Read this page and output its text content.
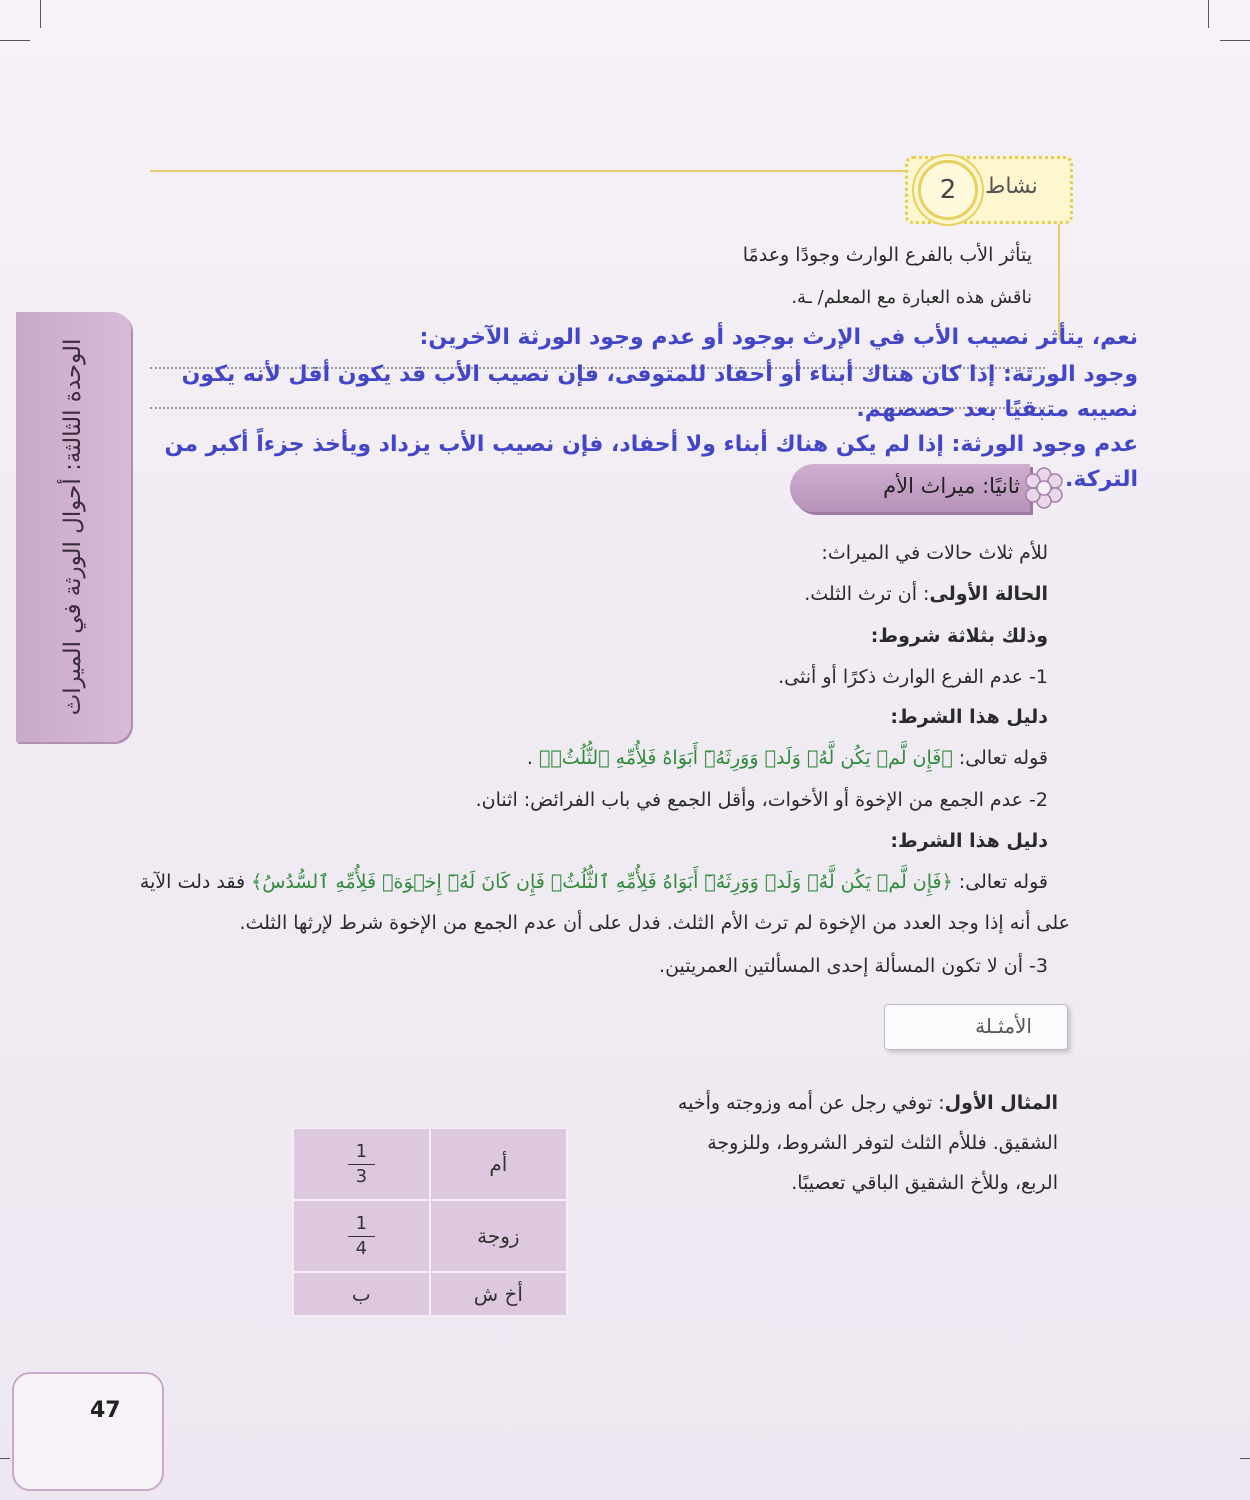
2	نشاط
يتأثر الأب بالفرع الوارث وجودًا وعدمًا
ناقش هذه العبارة مع المعلم/ ـة.
نعم، يتأثر نصيب الأب في الإرث بوجود أو عدم وجود الورثة الآخرين:
وجود الورثة: إذا كان هناك أبناء أو أحفاد للمتوفى، فإن نصيب الأب قد يكون أقل لأنه يكون
نصيبه متبقيًا بعد حصصهم.
عدم وجود الورثة: إذا لم يكن هناك أبناء ولا أحفاد، فإن نصيب الأب يزداد ويأخذ جزءاً أكبر من
التركة.
الوحدة الثالثة: أحوال الورثة في الميراث	ثانيًا: ميراث الأم
للأم ثلاث حالات في الميراث:
الحالة الأولى: أن ترث الثلث.
وذلك بثلاثة شروط:
1- عدم الفرع الوارث ذكرًا أو أنثى.
دليل هذا الشرط:
قوله تعالى: ﴿فَإِن لَّمۡ يَكُن لَّهُۥ وَلَدٞ وَوَرِثَهُۥٓ أَبَوَاهُ فَلِأُمِّهِ ٱلثُّلُثُۚ﴾ .
2- عدم الجمع من الإخوة أو الأخوات، وأقل الجمع في باب الفرائض: اثنان.
دليل هذا الشرط:
قوله تعالى: ﴿فَإِن لَّمۡ يَكُن لَّهُۥ وَلَدٞ وَوَرِثَهُۥٓ أَبَوَاهُ فَلِأُمِّهِ ٱلثُّلُثُۚ فَإِن كَانَ لَهُۥٓ إِخۡوَةٞ فَلِأُمِّهِ ٱلسُّدُسُ﴾ فقد دلت الآية
على أنه إذا وجد العدد من الإخوة لم ترث الأم الثلث. فدل على أن عدم الجمع من الإخوة شرط لإرثها الثلث.
3- أن لا تكون المسألة إحدى المسألتين العمريتين.
الأمثـلة
المثال الأول: توفي رجل عن أمه وزوجته وأخيه
الشقيق. فللأم الثلث لتوفر الشروط، وللزوجة
الربع، وللأخ الشقيق الباقي تعصيبًا.
$\frac{1}{3}$	أم

$\frac{1}{4}$	زوجة
ب	أخ ش
47
